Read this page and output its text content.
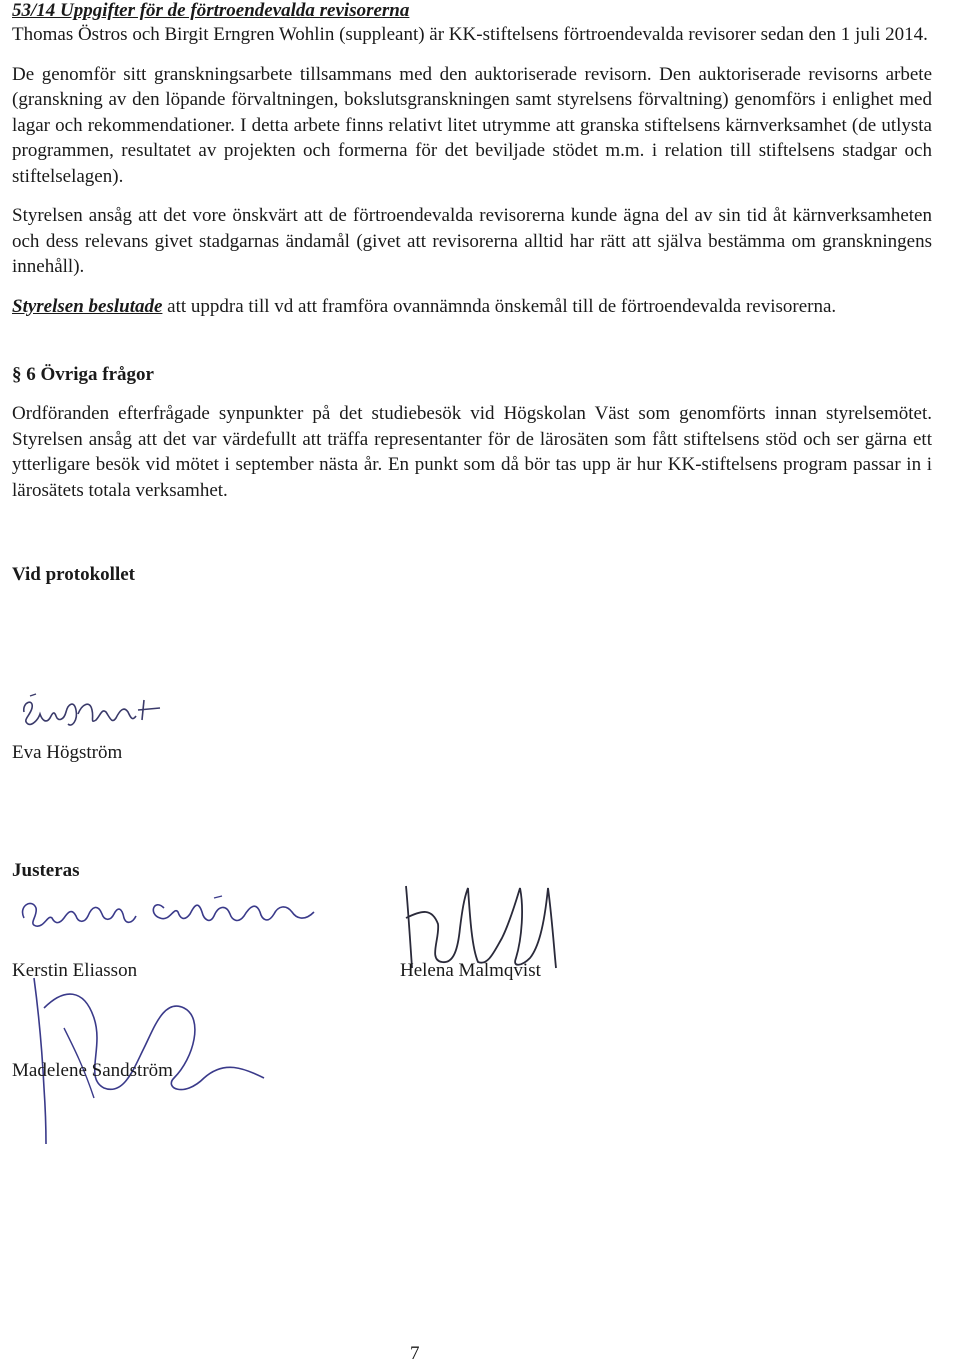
53/14 Uppgifter för de förtroendevalda revisorerna

Thomas Östros och Birgit Erngren Wohlin (suppleant) är KK-stiftelsens förtroendevalda revisorer sedan den 1 juli 2014.

De genomför sitt granskningsarbete tillsammans med den auktoriserade revisorn. Den auktoriserade revisorns arbete (granskning av den löpande förvaltningen, bokslutsgranskningen samt styrelsens förvaltning) genomförs i enlighet med lagar och rekommendationer. I detta arbete finns relativt litet utrymme att granska stiftelsens kärnverksamhet (de utlysta programmen, resultatet av projekten och formerna för det beviljade stödet m.m. i relation till stiftelsens stadgar och stiftelselagen).

Styrelsen ansåg att det vore önskvärt att de förtroendevalda revisorerna kunde ägna del av sin tid åt kärnverksamheten och dess relevans givet stadgarnas ändamål (givet att revisorerna alltid har rätt att själva bestämma om granskningens innehåll).

Styrelsen beslutade att uppdra till vd att framföra ovannämnda önskemål till de förtroendevalda revisorerna.

§ 6 Övriga frågor

Ordföranden efterfrågade synpunkter på det studiebesök vid Högskolan Väst som genomförts innan styrelsemötet. Styrelsen ansåg att det var värdefullt att träffa representanter för de lärosäten som fått stiftelsens stöd och ser gärna ett ytterligare besök vid mötet i september nästa år. En punkt som då bör tas upp är hur KK-stiftelsens program passar in i lärosätets totala verksamhet.

Vid protokollet
Eva Högström
Justeras
Kerstin Eliasson	Helena Malmqvist
Madelene Sandström
7
